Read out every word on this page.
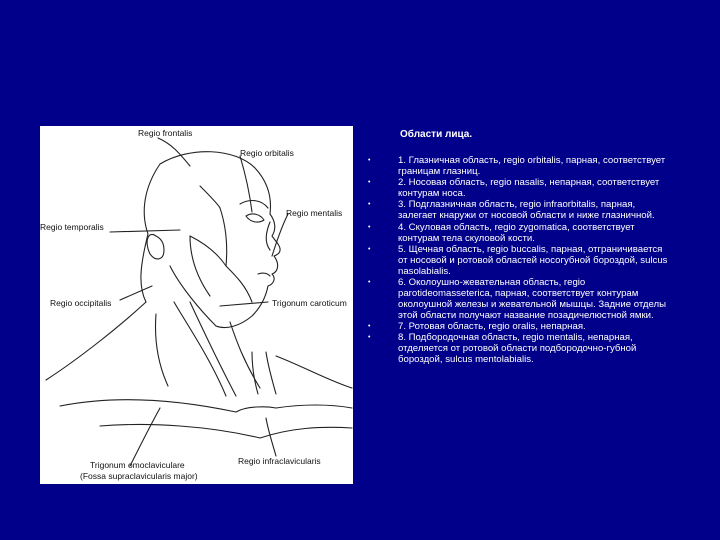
Regio frontalis
Regio orbitalis
Regio mentalis
Regio temporalis
Regio occipitalis	Trigonum caroticum
Trigonum omoclaviculare
(Fossa supraclavicularis major)
Regio infraclavicularis
Области лица.
•	1. Глазничная область, regio orbitalis, парная, соответствует границам глазниц.
•	2. Носовая область, regio nasalis, непарная, соответствует контурам носа.
•	3. Подглазничная область, regio infraorbitalis, парная, залегает кнаружи от носовой области и ниже глазничной.
•	4. Скуловая область, regio zygomatica, соответствует контурам тела скуловой кости.
•	5. Щечная область, regio buccalis, парная, отграничивается от носовой и ротовой областей носогубной бороздой, sulcus nasolabialis.
•	6. Околоушно-жевательная область, regio parotideomasseterica, парная, соответствует контурам околоушной железы и жевательной мышцы. Задние отделы этой области получают название позадичелюстной ямки.
•	7. Ротовая область, regio oralis, непарная.
•	8. Подбородочная область, regio mentalis, непарная, отделяется от ротовой области подбородочно-губной бороздой, sulcus mentolabialis.
